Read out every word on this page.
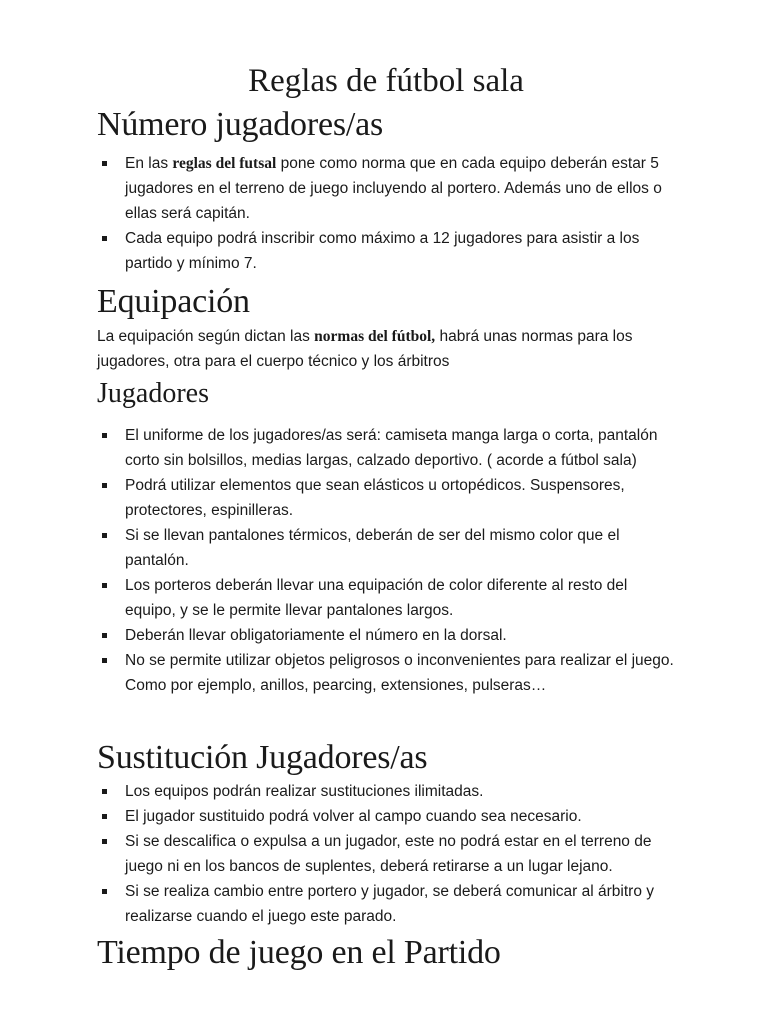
Reglas de fútbol sala
Número jugadores/as
En las reglas del futsal pone como norma que en cada equipo deberán estar 5 jugadores en el terreno de juego incluyendo al portero. Además uno de ellos o ellas será capitán.
Cada equipo podrá inscribir como máximo a 12 jugadores para asistir a los partido y mínimo 7.
Equipación

La equipación según dictan las normas del fútbol, habrá unas normas para los jugadores, otra para el cuerpo técnico y los árbitros

Jugadores
El uniforme de los jugadores/as será: camiseta manga larga o corta, pantalón corto sin bolsillos, medias largas, calzado deportivo. ( acorde a fútbol sala)
Podrá utilizar elementos que sean elásticos u ortopédicos. Suspensores, protectores, espinilleras.
Si se llevan pantalones térmicos, deberán de ser del mismo color que el pantalón.
Los porteros deberán llevar una equipación de color diferente al resto del equipo, y se le permite llevar pantalones largos.
Deberán llevar obligatoriamente el número en la dorsal.
No se permite utilizar objetos peligrosos o inconvenientes para realizar el juego. Como por ejemplo, anillos, pearcing, extensiones, pulseras…
Sustitución Jugadores/as
Los equipos podrán realizar sustituciones ilimitadas.
El jugador sustituido podrá volver al campo cuando sea necesario.
Si se descalifica o expulsa a un jugador, este no podrá estar en el terreno de juego ni en los bancos de suplentes, deberá retirarse a un lugar lejano.
Si se realiza cambio entre portero y jugador, se deberá comunicar al árbitro y realizarse cuando el juego este parado.
Tiempo de juego en el Partido
